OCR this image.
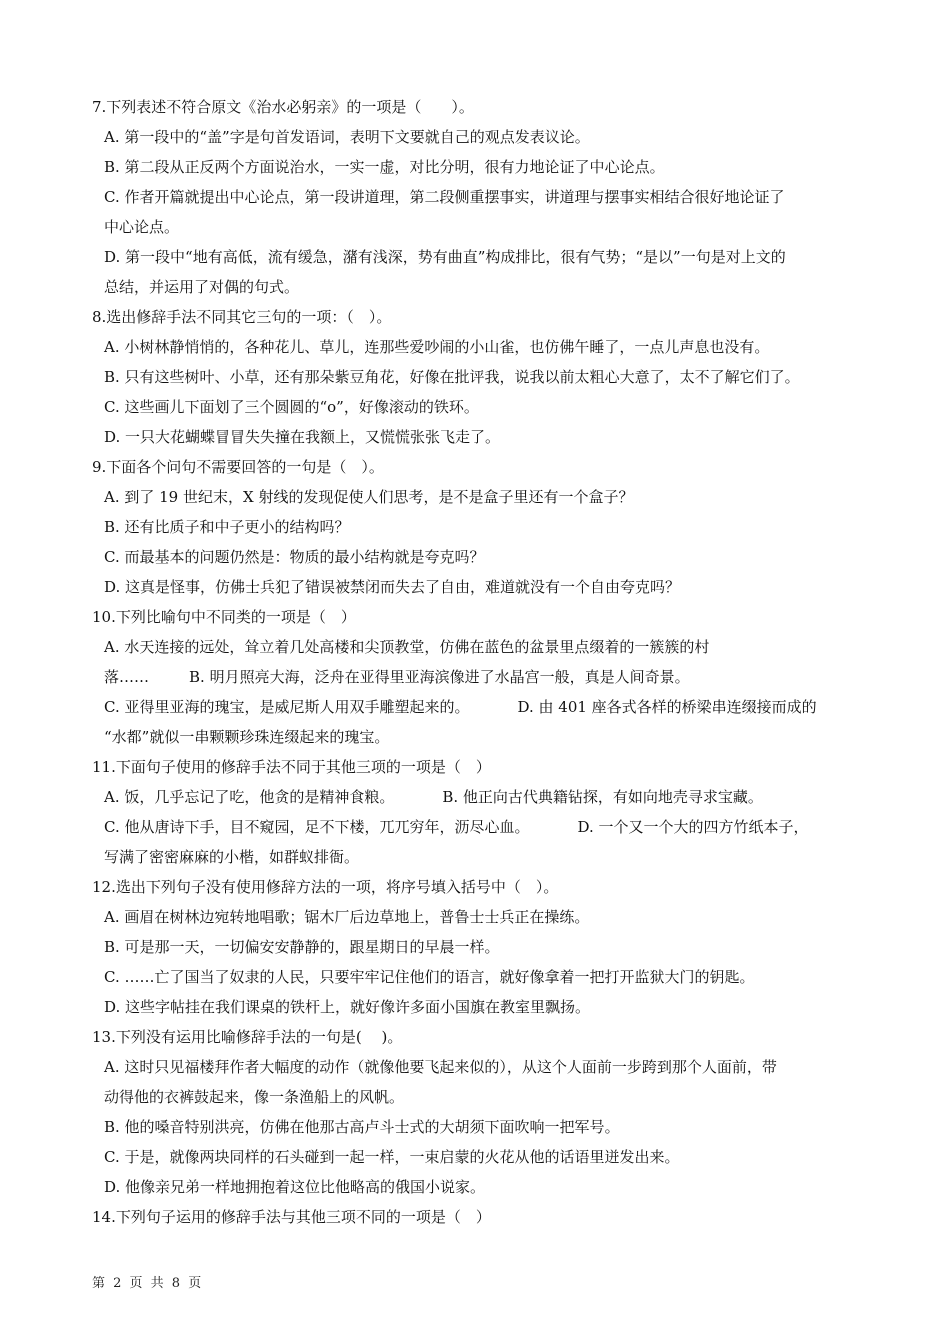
7.下列表述不符合原文《治水必躬亲》的一项是（　　）。
A. 第一段中的“盖”字是句首发语词，表明下文要就自己的观点发表议论。
B. 第二段从正反两个方面说治水，一实一虚，对比分明，很有力地论证了中心论点。
C. 作者开篇就提出中心论点，第一段讲道理，第二段侧重摆事实，讲道理与摆事实相结合很好地论证了
中心论点。
D. 第一段中“地有高低，流有缓急，潴有浅深，势有曲直”构成排比，很有气势；“是以”一句是对上文的
总结，并运用了对偶的句式。
8.选出修辞手法不同其它三句的一项：（　）。
A. 小树林静悄悄的，各种花儿、草儿，连那些爱吵闹的小山雀，也仿佛午睡了，一点儿声息也没有。
B. 只有这些树叶、小草，还有那朵紫豆角花，好像在批评我，说我以前太粗心大意了，太不了解它们了。
C. 这些画儿下面划了三个圆圆的“o”，好像滚动的铁环。
D. 一只大花蝴蝶冒冒失失撞在我额上，又慌慌张张飞走了。
9.下面各个问句不需要回答的一句是（　）。
A. 到了 19 世纪末，X 射线的发现促使人们思考，是不是盒子里还有一个盒子？
B. 还有比质子和中子更小的结构吗？
C. 而最基本的问题仍然是：物质的最小结构就是夸克吗？
D. 这真是怪事，仿佛士兵犯了错误被禁闭而失去了自由，难道就没有一个自由夸克吗？
10.下列比喻句中不同类的一项是（　）
A. 水天连接的远处，耸立着几处高楼和尖顶教堂，仿佛在蓝色的盆景里点缀着的一簇簇的村
落……	B. 明月照亮大海，泛舟在亚得里亚海滨像进了水晶宫一般，真是人间奇景。
C. 亚得里亚海的瑰宝，是威尼斯人用双手雕塑起来的。	D. 由 401 座各式各样的桥梁串连缀接而成的
“水都”就似一串颗颗珍珠连缀起来的瑰宝。
11.下面句子使用的修辞手法不同于其他三项的一项是（　）
A. 饭，几乎忘记了吃，他贪的是精神食粮。	B. 他正向古代典籍钻探，有如向地壳寻求宝藏。
C. 他从唐诗下手，目不窥园，足不下楼，兀兀穷年，沥尽心血。	D. 一个又一个大的四方竹纸本子，
写满了密密麻麻的小楷，如群蚁排衙。
12.选出下列句子没有使用修辞方法的一项，将序号填入括号中（　）。
A. 画眉在树林边宛转地唱歌；锯木厂后边草地上，普鲁士士兵正在操练。
B. 可是那一天，一切偏安安静静的，跟星期日的早晨一样。
C. ……亡了国当了奴隶的人民，只要牢牢记住他们的语言，就好像拿着一把打开监狱大门的钥匙。
D. 这些字帖挂在我们课桌的铁杆上，就好像许多面小国旗在教室里飘扬。
13.下列没有运用比喻修辞手法的一句是(　 )。
A. 这时只见福楼拜作者大幅度的动作（就像他要飞起来似的），从这个人面前一步跨到那个人面前，带
动得他的衣裤鼓起来，像一条渔船上的风帆。
B. 他的嗓音特别洪亮，仿佛在他那古高卢斗士式的大胡须下面吹响一把军号。
C. 于是，就像两块同样的石头碰到一起一样，一束启蒙的火花从他的话语里迸发出来。
D. 他像亲兄弟一样地拥抱着这位比他略高的俄国小说家。
14.下列句子运用的修辞手法与其他三项不同的一项是（　）
第 2 页 共 8 页
